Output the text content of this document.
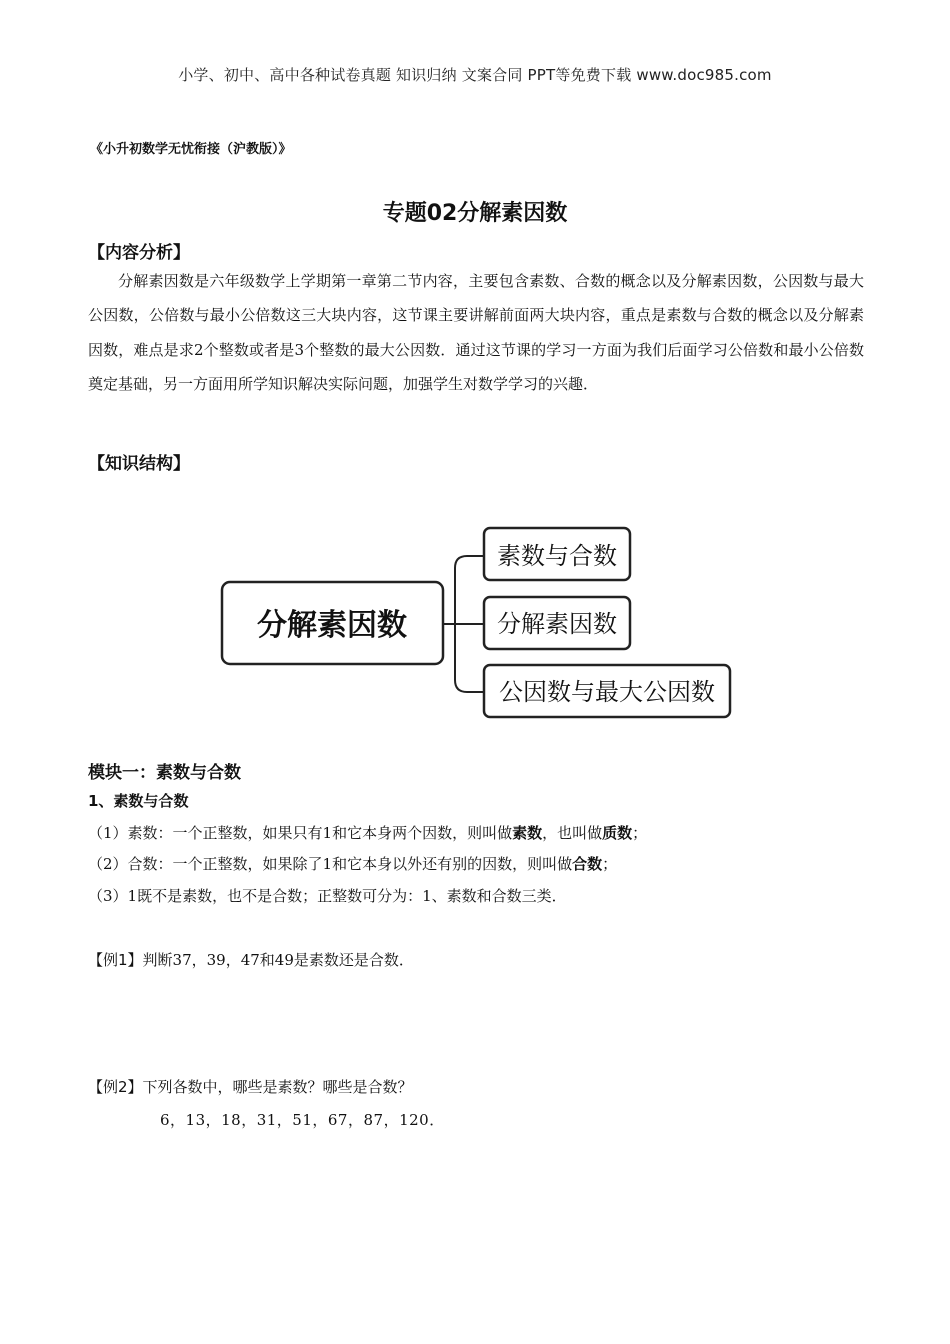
小学、初中、高中各种试卷真题 知识归纳 文案合同 PPT等免费下载 www.doc985.com
《小升初数学无忧衔接（沪教版）》
专题02分解素因数
【内容分析】
分解素因数是六年级数学上学期第一章第二节内容，主要包含素数、合数的概念以及分解素因数，公因数与最大公因数，公倍数与最小公倍数这三大块内容，这节课主要讲解前面两大块内容，重点是素数与合数的概念以及分解素因数，难点是求2个整数或者是3个整数的最大公因数．通过这节课的学习一方面为我们后面学习公倍数和最小公倍数奠定基础，另一方面用所学知识解决实际问题，加强学生对数学学习的兴趣．
【知识结构】
分解素因数
素数与合数
分解素因数
公因数与最大公因数
模块一：素数与合数
1、素数与合数
（1）素数：一个正整数，如果只有1和它本身两个因数，则叫做素数，也叫做质数；
（2）合数：一个正整数，如果除了1和它本身以外还有别的因数，则叫做合数；
（3）1既不是素数，也不是合数；正整数可分为：1、素数和合数三类．
【例1】判断37，39，47和49是素数还是合数．
【例2】下列各数中，哪些是素数？哪些是合数？
6，13，18，31，51，67，87，120．
